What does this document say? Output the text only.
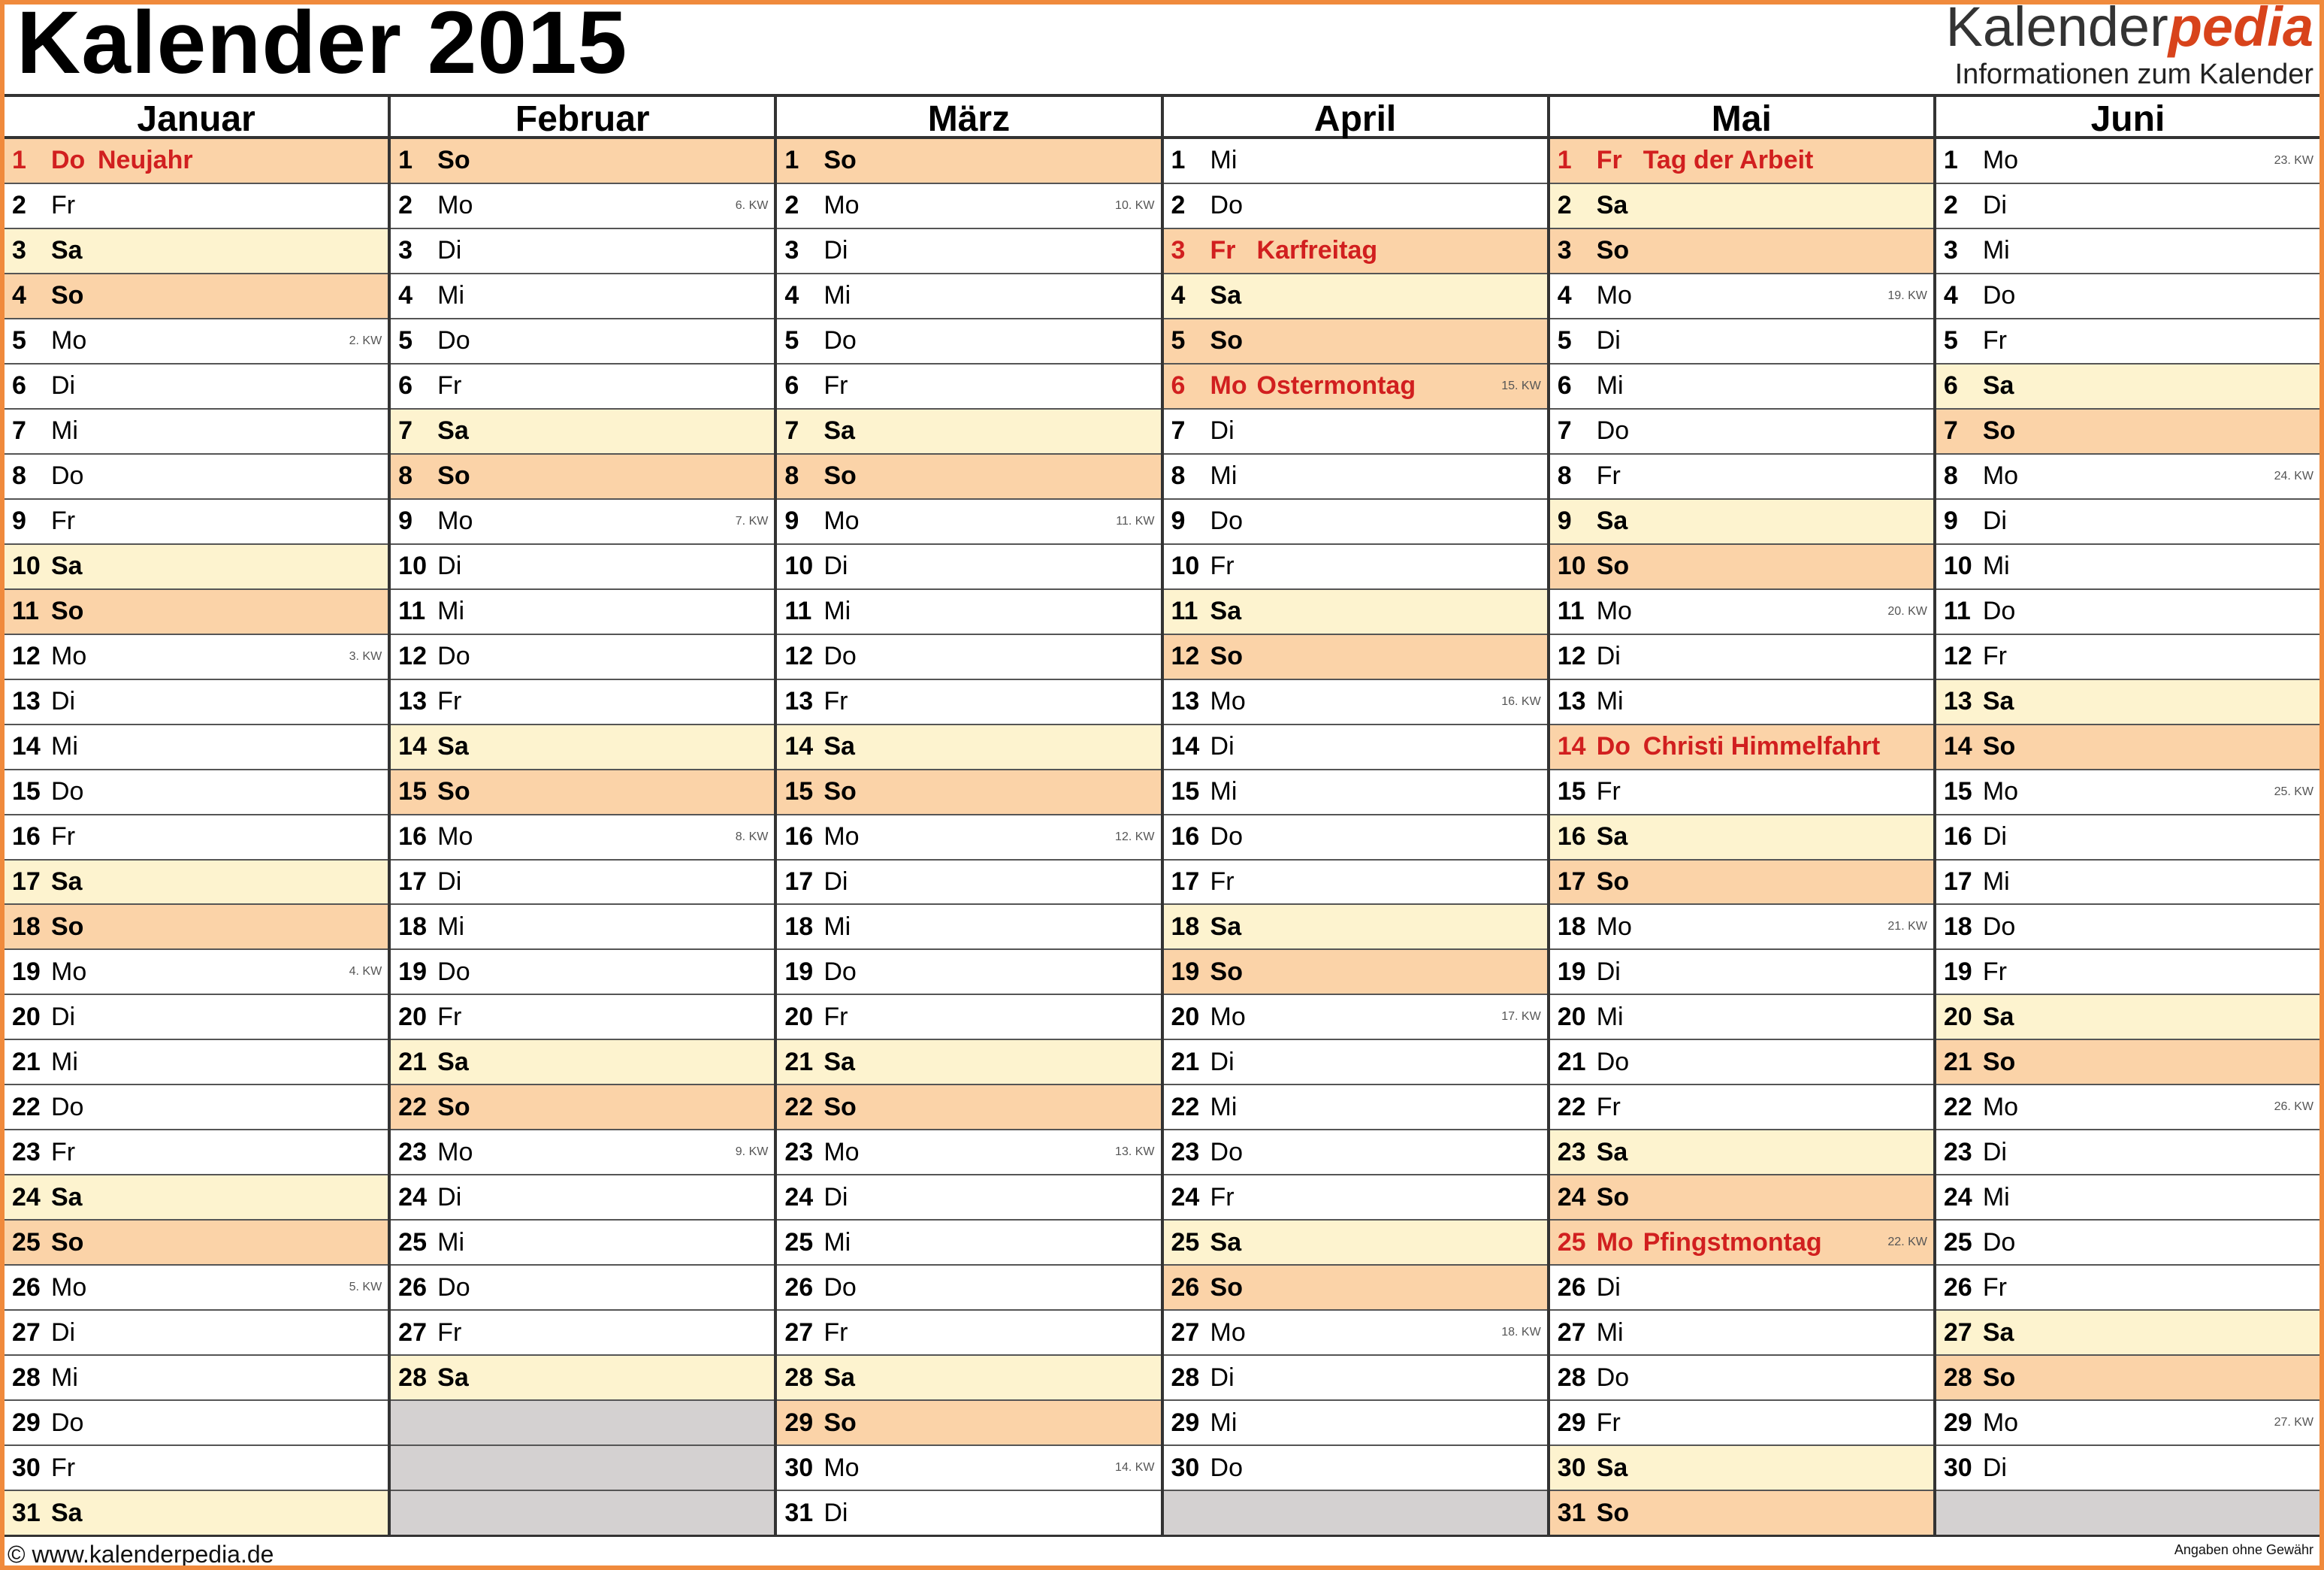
Kalender 2015	Kalenderpedia
Informationen zum Kalender
Januar
1 Do Neujahr
2 Fr
3 Sa
4 So
5 Mo	2. KW
6 Di
7 Mi
8 Do
9 Fr
10 Sa
11 So
12 Mo	3. KW
13 Di
14 Mi
15 Do
16 Fr
17 Sa
18 So
19 Mo	4. KW
20 Di
21 Mi
22 Do
23 Fr
24 Sa
25 So
26 Mo	5. KW
27 Di
28 Mi
29 Do
30 Fr
31 Sa
Februar
1 So
2 Mo	6. KW
3 Di
4 Mi
5 Do
6 Fr
7 Sa
8 So
9 Mo	7. KW
10 Di
11 Mi
12 Do
13 Fr
14 Sa
15 So
16 Mo	8. KW
17 Di
18 Mi
19 Do
20 Fr
21 Sa
22 So
23 Mo	9. KW
24 Di
25 Mi
26 Do
27 Fr
28 Sa
März
1 So
2 Mo	10. KW
3 Di
4 Mi
5 Do
6 Fr
7 Sa
8 So
9 Mo	11. KW
10 Di
11 Mi
12 Do
13 Fr
14 Sa
15 So
16 Mo	12. KW
17 Di
18 Mi
19 Do
20 Fr
21 Sa
22 So
23 Mo	13. KW
24 Di
25 Mi
26 Do
27 Fr
28 Sa
29 So
30 Mo	14. KW
31 Di
April
1 Mi
2 Do
3 Fr Karfreitag
4 Sa
5 So
6 Mo Ostermontag	15. KW
7 Di
8 Mi
9 Do
10 Fr
11 Sa
12 So
13 Mo	16. KW
14 Di
15 Mi
16 Do
17 Fr
18 Sa
19 So
20 Mo	17. KW
21 Di
22 Mi
23 Do
24 Fr
25 Sa
26 So
27 Mo	18. KW
28 Di
29 Mi
30 Do
Mai
1 Fr Tag der Arbeit
2 Sa
3 So
4 Mo	19. KW
5 Di
6 Mi
7 Do
8 Fr
9 Sa
10 So
11 Mo	20. KW
12 Di
13 Mi
14 Do Christi Himmelfahrt
15 Fr
16 Sa
17 So
18 Mo	21. KW
19 Di
20 Mi
21 Do
22 Fr
23 Sa
24 So
25 Mo Pfingstmontag	22. KW
26 Di
27 Mi
28 Do
29 Fr
30 Sa
31 So
Juni
1 Mo	23. KW
2 Di
3 Mi
4 Do
5 Fr
6 Sa
7 So
8 Mo	24. KW
9 Di
10 Mi
11 Do
12 Fr
13 Sa
14 So
15 Mo	25. KW
16 Di
17 Mi
18 Do
19 Fr
20 Sa
21 So
22 Mo	26. KW
23 Di
24 Mi
25 Do
26 Fr
27 Sa
28 So
29 Mo	27. KW
30 Di
© www.kalenderpedia.de	Angaben ohne Gewähr
